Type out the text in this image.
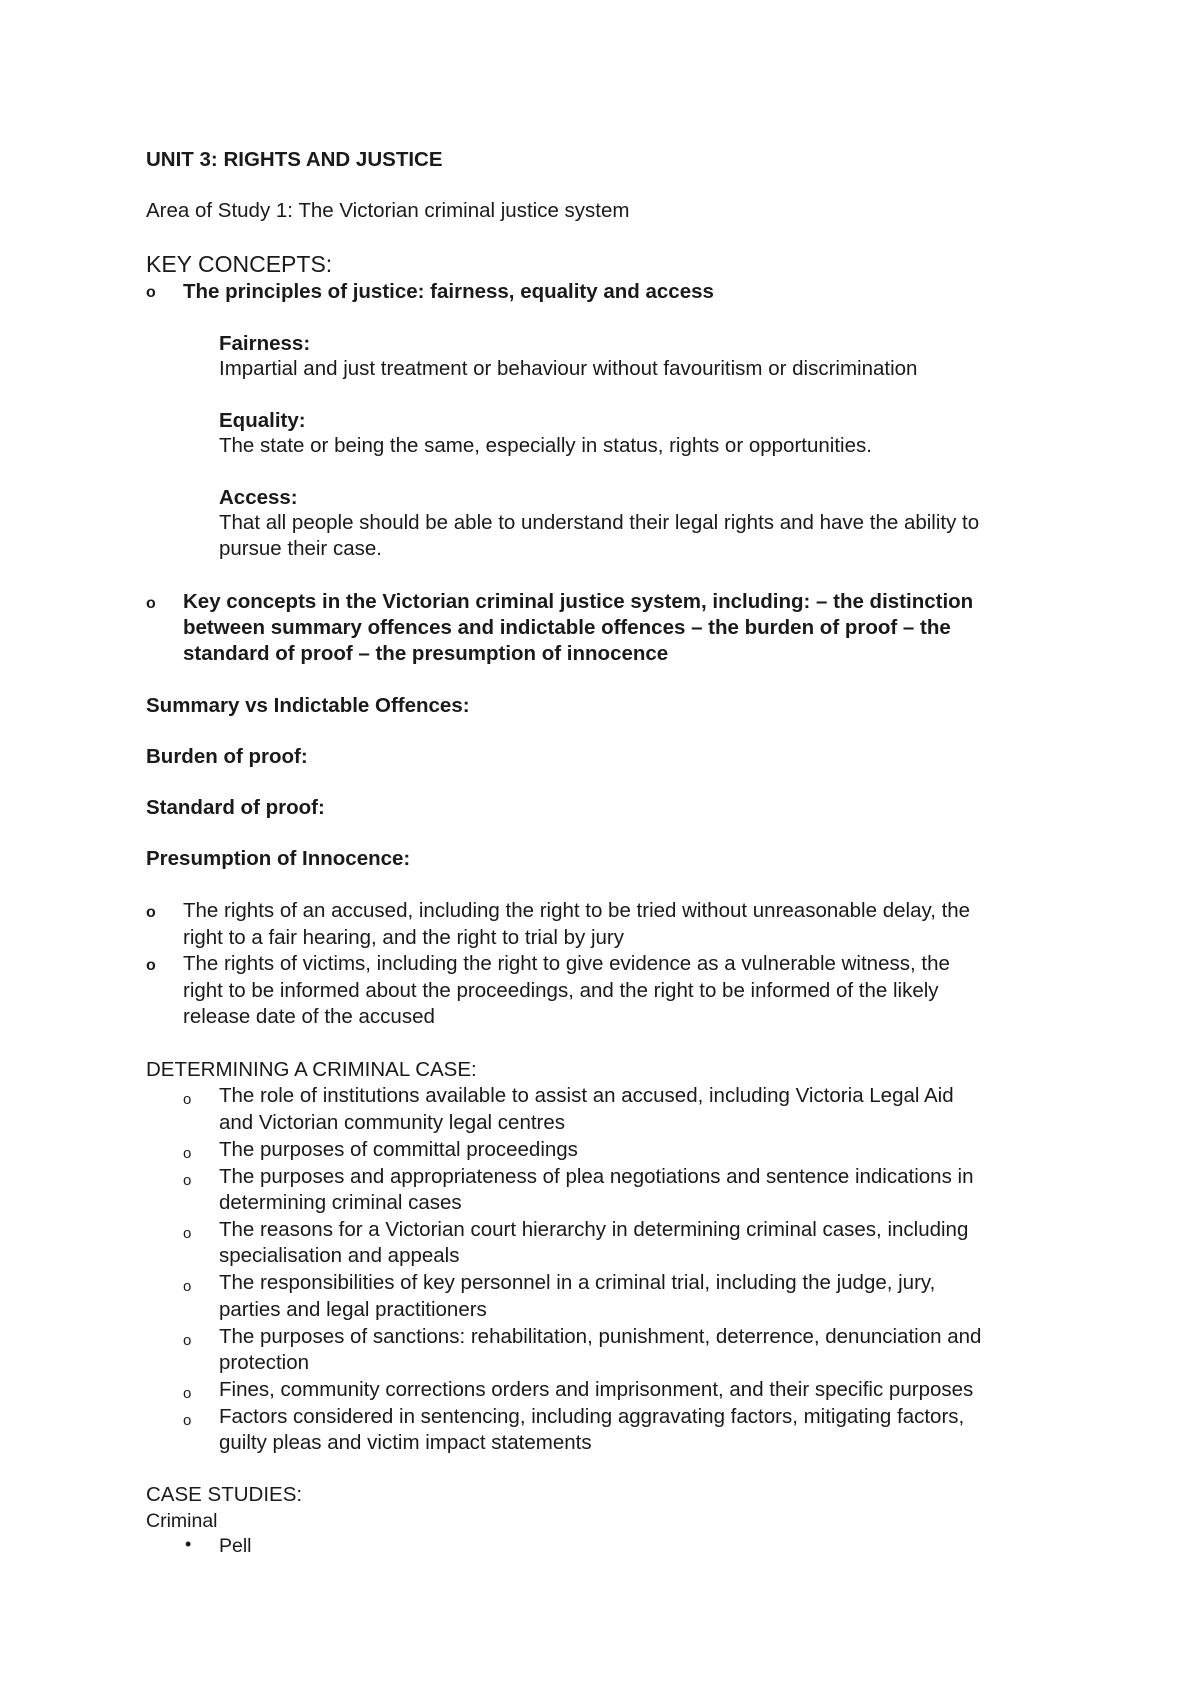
UNIT 3: RIGHTS AND JUSTICE
Area of Study 1: The Victorian criminal justice system
KEY CONCEPTS:
o The principles of justice: fairness, equality and access
Fairness:
Impartial and just treatment or behaviour without favouritism or discrimination
Equality:
The state or being the same, especially in status, rights or opportunities.
Access:
That all people should be able to understand their legal rights and have the ability to
pursue their case.
o Key concepts in the Victorian criminal justice system, including: – the distinction
between summary offences and indictable offences – the burden of proof – the
standard of proof – the presumption of innocence
Summary vs Indictable Offences:
Burden of proof:
Standard of proof:
Presumption of Innocence:
o The rights of an accused, including the right to be tried without unreasonable delay, the
right to a fair hearing, and the right to trial by jury
o The rights of victims, including the right to give evidence as a vulnerable witness, the
right to be informed about the proceedings, and the right to be informed of the likely
release date of the accused
DETERMINING A CRIMINAL CASE:
o The role of institutions available to assist an accused, including Victoria Legal Aid
and Victorian community legal centres
o The purposes of committal proceedings
o The purposes and appropriateness of plea negotiations and sentence indications in
determining criminal cases
o The reasons for a Victorian court hierarchy in determining criminal cases, including
specialisation and appeals
o The responsibilities of key personnel in a criminal trial, including the judge, jury,
parties and legal practitioners
o The purposes of sanctions: rehabilitation, punishment, deterrence, denunciation and
protection
o Fines, community corrections orders and imprisonment, and their specific purposes
o Factors considered in sentencing, including aggravating factors, mitigating factors,
guilty pleas and victim impact statements
CASE STUDIES:
Criminal
• Pell
